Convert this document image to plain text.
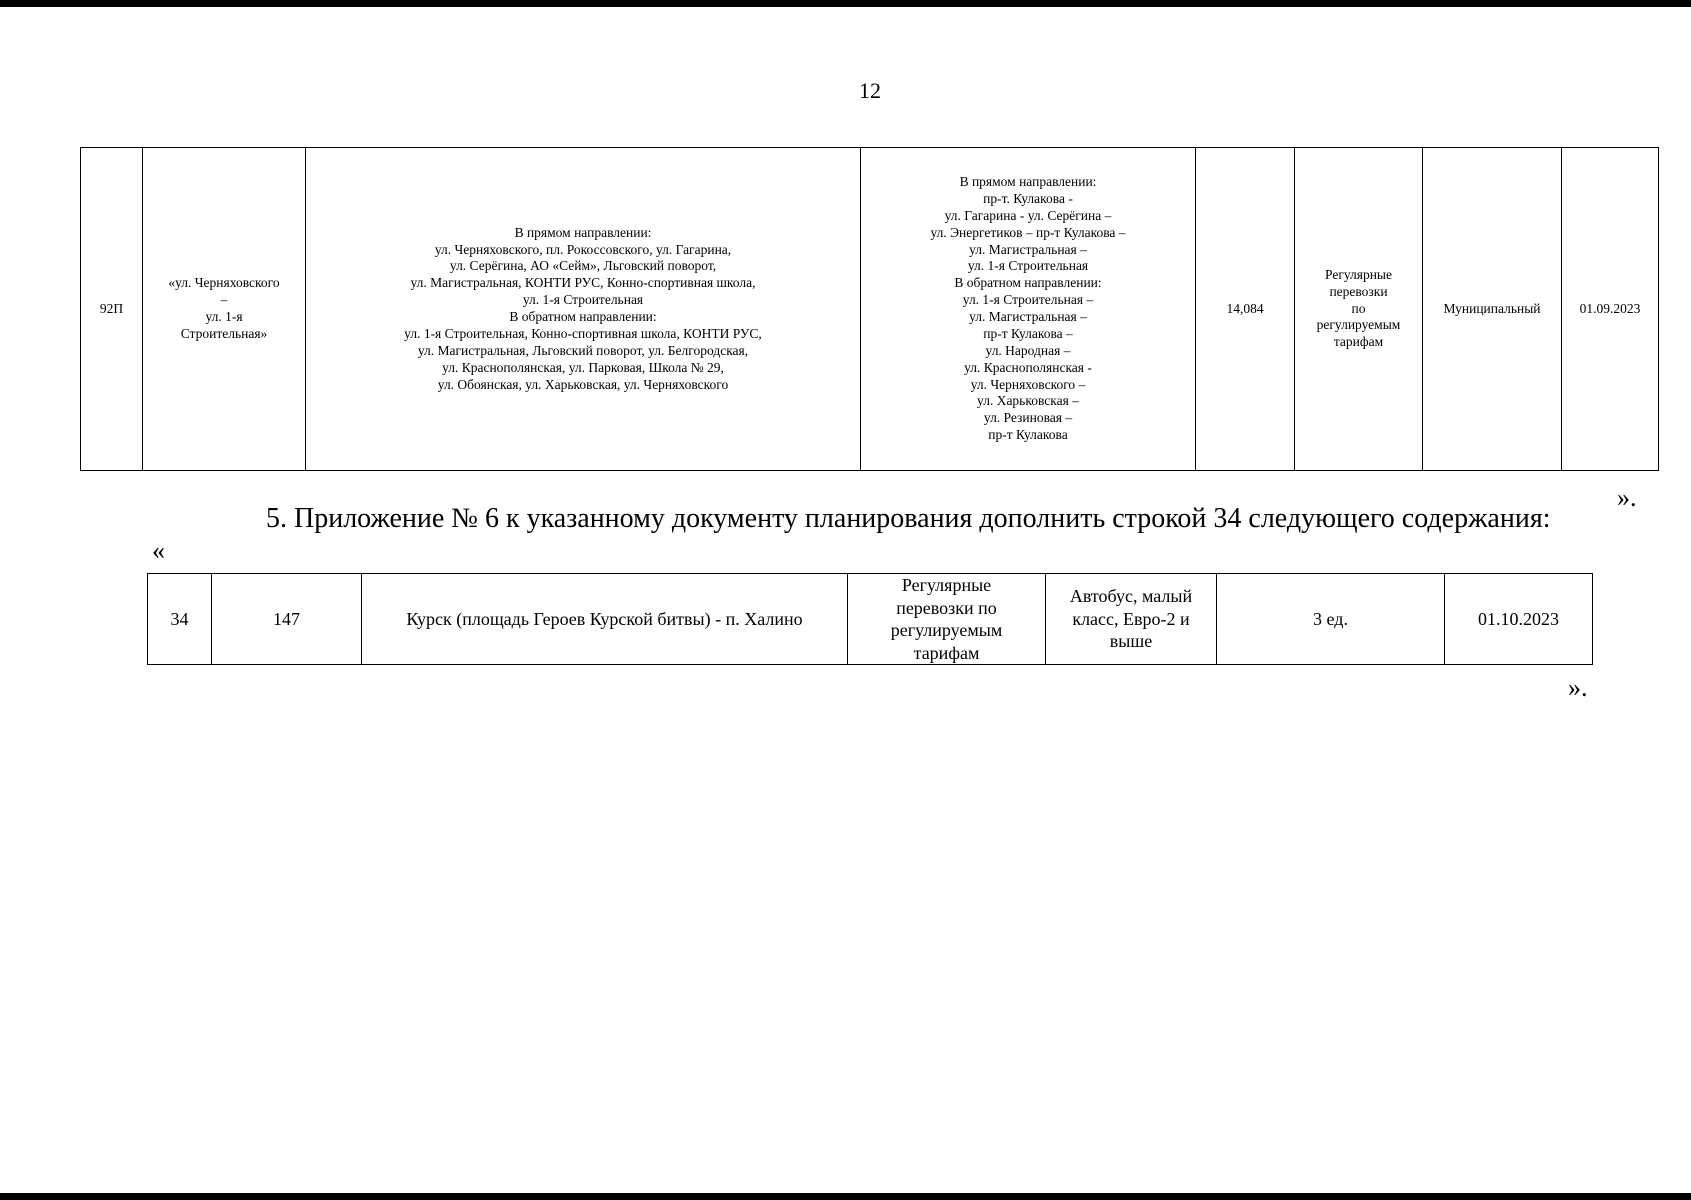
12
92П	«ул. Черняховского
–
ул. 1-я
Строительная»	В прямом направлении:
ул. Черняховского, пл. Рокоссовского, ул. Гагарина,
ул. Серёгина, АО «Сейм», Льговский поворот,
ул. Магистральная, КОНТИ РУС, Конно-спортивная школа,
ул. 1-я Строительная
В обратном направлении:
ул. 1-я Строительная, Конно-спортивная школа, КОНТИ РУС,
ул. Магистральная, Льговский поворот, ул. Белгородская,
ул. Краснополянская, ул. Парковая, Школа № 29,
ул. Обоянская, ул. Харьковская, ул. Черняховского	В прямом направлении:
пр-т. Кулакова -
ул. Гагарина - ул. Серёгина –
ул. Энергетиков – пр-т Кулакова –
ул. Магистральная –
ул. 1-я Строительная
В обратном направлении:
ул. 1-я Строительная –
ул. Магистральная –
пр-т Кулакова –
ул. Народная –
ул. Краснополянская -
ул. Черняховского –
ул. Харьковская –
ул. Резиновая –
пр-т Кулакова	14,084	Регулярные
перевозки
по
регулируемым
тарифам	Муниципальный	01.09.2023
».
5. Приложение № 6 к указанному документу планирования дополнить строкой 34 следующего содержания:
«
34	147	Курск (площадь Героев Курской битвы) - п. Халино	Регулярные
перевозки по
регулируемым
тарифам	Автобус, малый
класс, Евро-2 и
выше	3 ед.	01.10.2023
».
